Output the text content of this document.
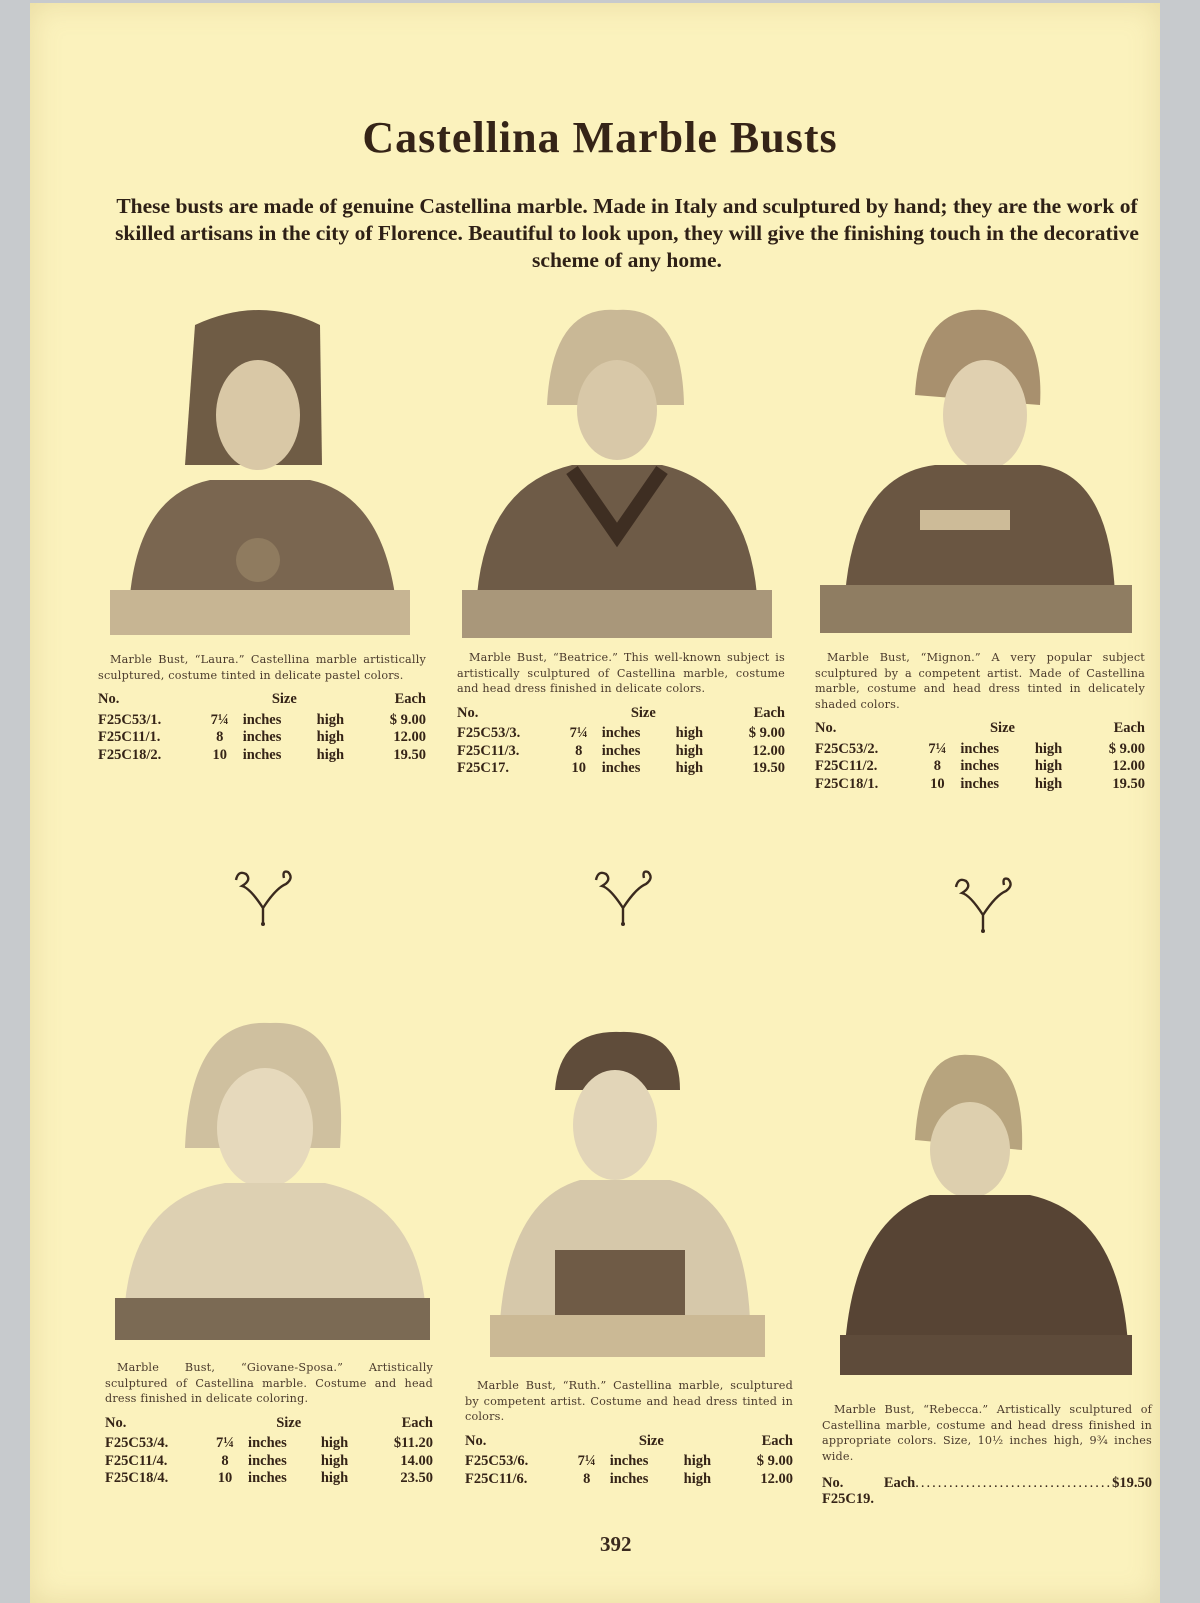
Castellina Marble Busts
These busts are made of genuine Castellina marble. Made in Italy and sculptured by hand; they are the work of skilled artisans in the city of Florence. Beautiful to look upon, they will give the finishing touch in the decorative scheme of any home.
Marble Bust, “Laura.” Castellina marble artistically sculptured, costume tinted in delicate pastel colors.
No.	Size			Each
F25C53/1.	7¼	inches	high	$ 9.00
F25C11/1.	8	inches	high	12.00
F25C18/2.	10	inches	high	19.50
Marble Bust, “Beatrice.” This well-known subject is artistically sculptured of Castellina marble, costume and head dress finished in delicate colors.
No.	Size			Each
F25C53/3.	7¼	inches	high	$ 9.00
F25C11/3.	8	inches	high	12.00
F25C17.	10	inches	high	19.50
Marble Bust, “Mignon.” A very popular subject sculptured by a competent artist. Made of Castellina marble, costume and head dress tinted in delicately shaded colors.
No.	Size			Each
F25C53/2.	7¼	inches	high	$ 9.00
F25C11/2.	8	inches	high	12.00
F25C18/1.	10	inches	high	19.50
Marble Bust, “Giovane-Sposa.” Artistically sculptured of Castellina marble. Costume and head dress finished in delicate coloring.
No.	Size			Each
F25C53/4.	7¼	inches	high	$11.20
F25C11/4.	8	inches	high	14.00
F25C18/4.	10	inches	high	23.50
Marble Bust, “Ruth.” Castellina marble, sculptured by competent artist. Costume and head dress tinted in colors.
No.	Size			Each
F25C53/6.	7¼	inches	high	$ 9.00
F25C11/6.	8	inches	high	12.00
Marble Bust, “Rebecca.” Artistically sculptured of Castellina marble, costume and head dress finished in appropriate colors. Size, 10½ inches high, 9¾ inches wide.
No. F25C19.

Each ................................... $19.50
392
